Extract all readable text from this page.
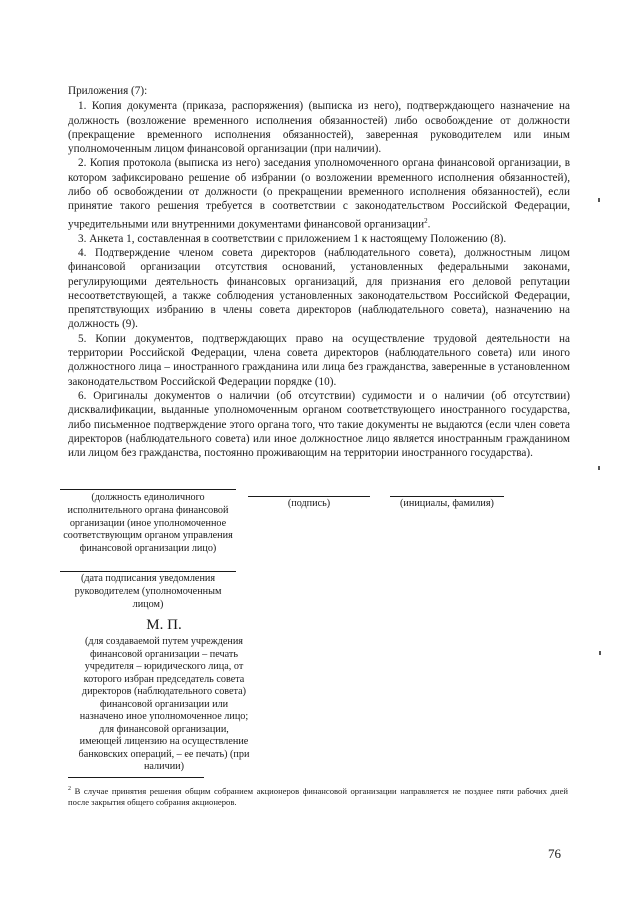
Приложения (7):

1. Копия документа (приказа, распоряжения) (выписка из него), подтверждающего назначение на должность (возложение временного исполнения обязанностей) либо освобождение от должности (прекращение временного исполнения обязанностей), заверенная руководителем или иным уполномоченным лицом финансовой организации (при наличии).

2. Копия протокола (выписка из него) заседания уполномоченного органа финансовой организации, в котором зафиксировано решение об избрании (о возложении временного исполнения обязанностей), либо об освобождении от должности (о прекращении временного исполнения обязанностей), если принятие такого решения требуется в соответствии с законодательством Российской Федерации, учредительными или внутренними документами финансовой организации$^2$.

3. Анкета 1, составленная в соответствии с приложением 1 к настоящему Положению (8).

4. Подтверждение членом совета директоров (наблюдательного совета), должностным лицом финансовой организации отсутствия оснований, установленных федеральными законами, регулирующими деятельность финансовых организаций, для признания его деловой репутации несоответствующей, а также соблюдения установленных законодательством Российской Федерации, препятствующих избранию в члены совета директоров (наблюдательного совета), назначению на должность (9).

5. Копии документов, подтверждающих право на осуществление трудовой деятельности на территории Российской Федерации, члена совета директоров (наблюдательного совета) или иного должностного лица – иностранного гражданина или лица без гражданства, заверенные в установленном законодательством Российской Федерации порядке (10).

6. Оригиналы документов о наличии (об отсутствии) судимости и о наличии (об отсутствии) дисквалификации, выданные уполномоченным органом соответствующего иностранного государства, либо письменное подтверждение этого органа того, что такие документы не выдаются (если член совета директоров (наблюдательного совета) или иное должностное лицо является иностранным гражданином или лицом без гражданства, постоянно проживающим на территории иностранного государства).

(должность единоличного исполнительного органа финансовой организации (иное уполномоченное соответствующим органом управления финансовой организации лицо)
(подпись)	(инициалы, фамилия)
(дата подписания уведомления руководителем (уполномоченным лицом)
М. П.
(для создаваемой путем учреждения финансовой организации – печать учредителя – юридического лица, от которого избран председатель совета директоров (наблюдательного совета) финансовой организации или назначено иное уполномоченное лицо; для финансовой организации, имеющей лицензию на осуществление банковских операций, – ее печать) (при наличии)
$^2$ В случае принятия решения общим собранием акционеров финансовой организации направляется не позднее пяти рабочих дней после закрытия общего собрания акционеров.
76
